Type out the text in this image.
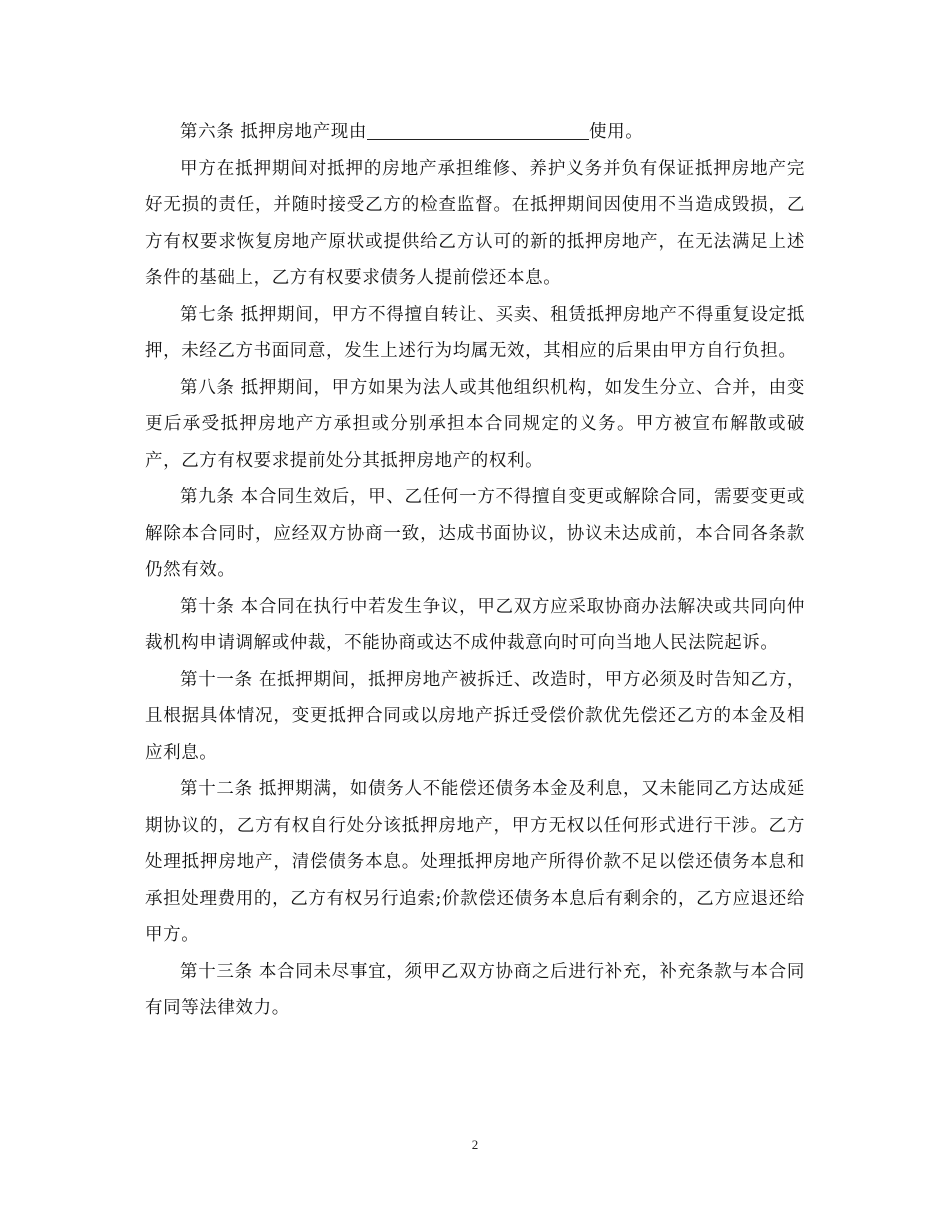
第六条 抵押房地产现由	使用。

甲方在抵押期间对抵押的房地产承担维修、养护义务并负有保证抵押房地产完好无损的责任，并随时接受乙方的检查监督。在抵押期间因使用不当造成毁损，乙方有权要求恢复房地产原状或提供给乙方认可的新的抵押房地产，在无法满足上述条件的基础上，乙方有权要求债务人提前偿还本息。

第七条 抵押期间，甲方不得擅自转让、买卖、租赁抵押房地产不得重复设定抵押，未经乙方书面同意，发生上述行为均属无效，其相应的后果由甲方自行负担。

第八条 抵押期间，甲方如果为法人或其他组织机构，如发生分立、合并，由变更后承受抵押房地产方承担或分别承担本合同规定的义务。甲方被宣布解散或破产，乙方有权要求提前处分其抵押房地产的权利。

第九条 本合同生效后，甲、乙任何一方不得擅自变更或解除合同，需要变更或解除本合同时，应经双方协商一致，达成书面协议，协议未达成前，本合同各条款仍然有效。

第十条 本合同在执行中若发生争议，甲乙双方应采取协商办法解决或共同向仲裁机构申请调解或仲裁，不能协商或达不成仲裁意向时可向当地人民法院起诉。

第十一条 在抵押期间，抵押房地产被拆迁、改造时，甲方必须及时告知乙方，且根据具体情况，变更抵押合同或以房地产拆迁受偿价款优先偿还乙方的本金及相应利息。

第十二条 抵押期满，如债务人不能偿还债务本金及利息，又未能同乙方达成延期协议的，乙方有权自行处分该抵押房地产，甲方无权以任何形式进行干涉。乙方处理抵押房地产，清偿债务本息。处理抵押房地产所得价款不足以偿还债务本息和承担处理费用的，乙方有权另行追索;价款偿还债务本息后有剩余的，乙方应退还给甲方。

第十三条 本合同未尽事宜，须甲乙双方协商之后进行补充，补充条款与本合同有同等法律效力。

2
